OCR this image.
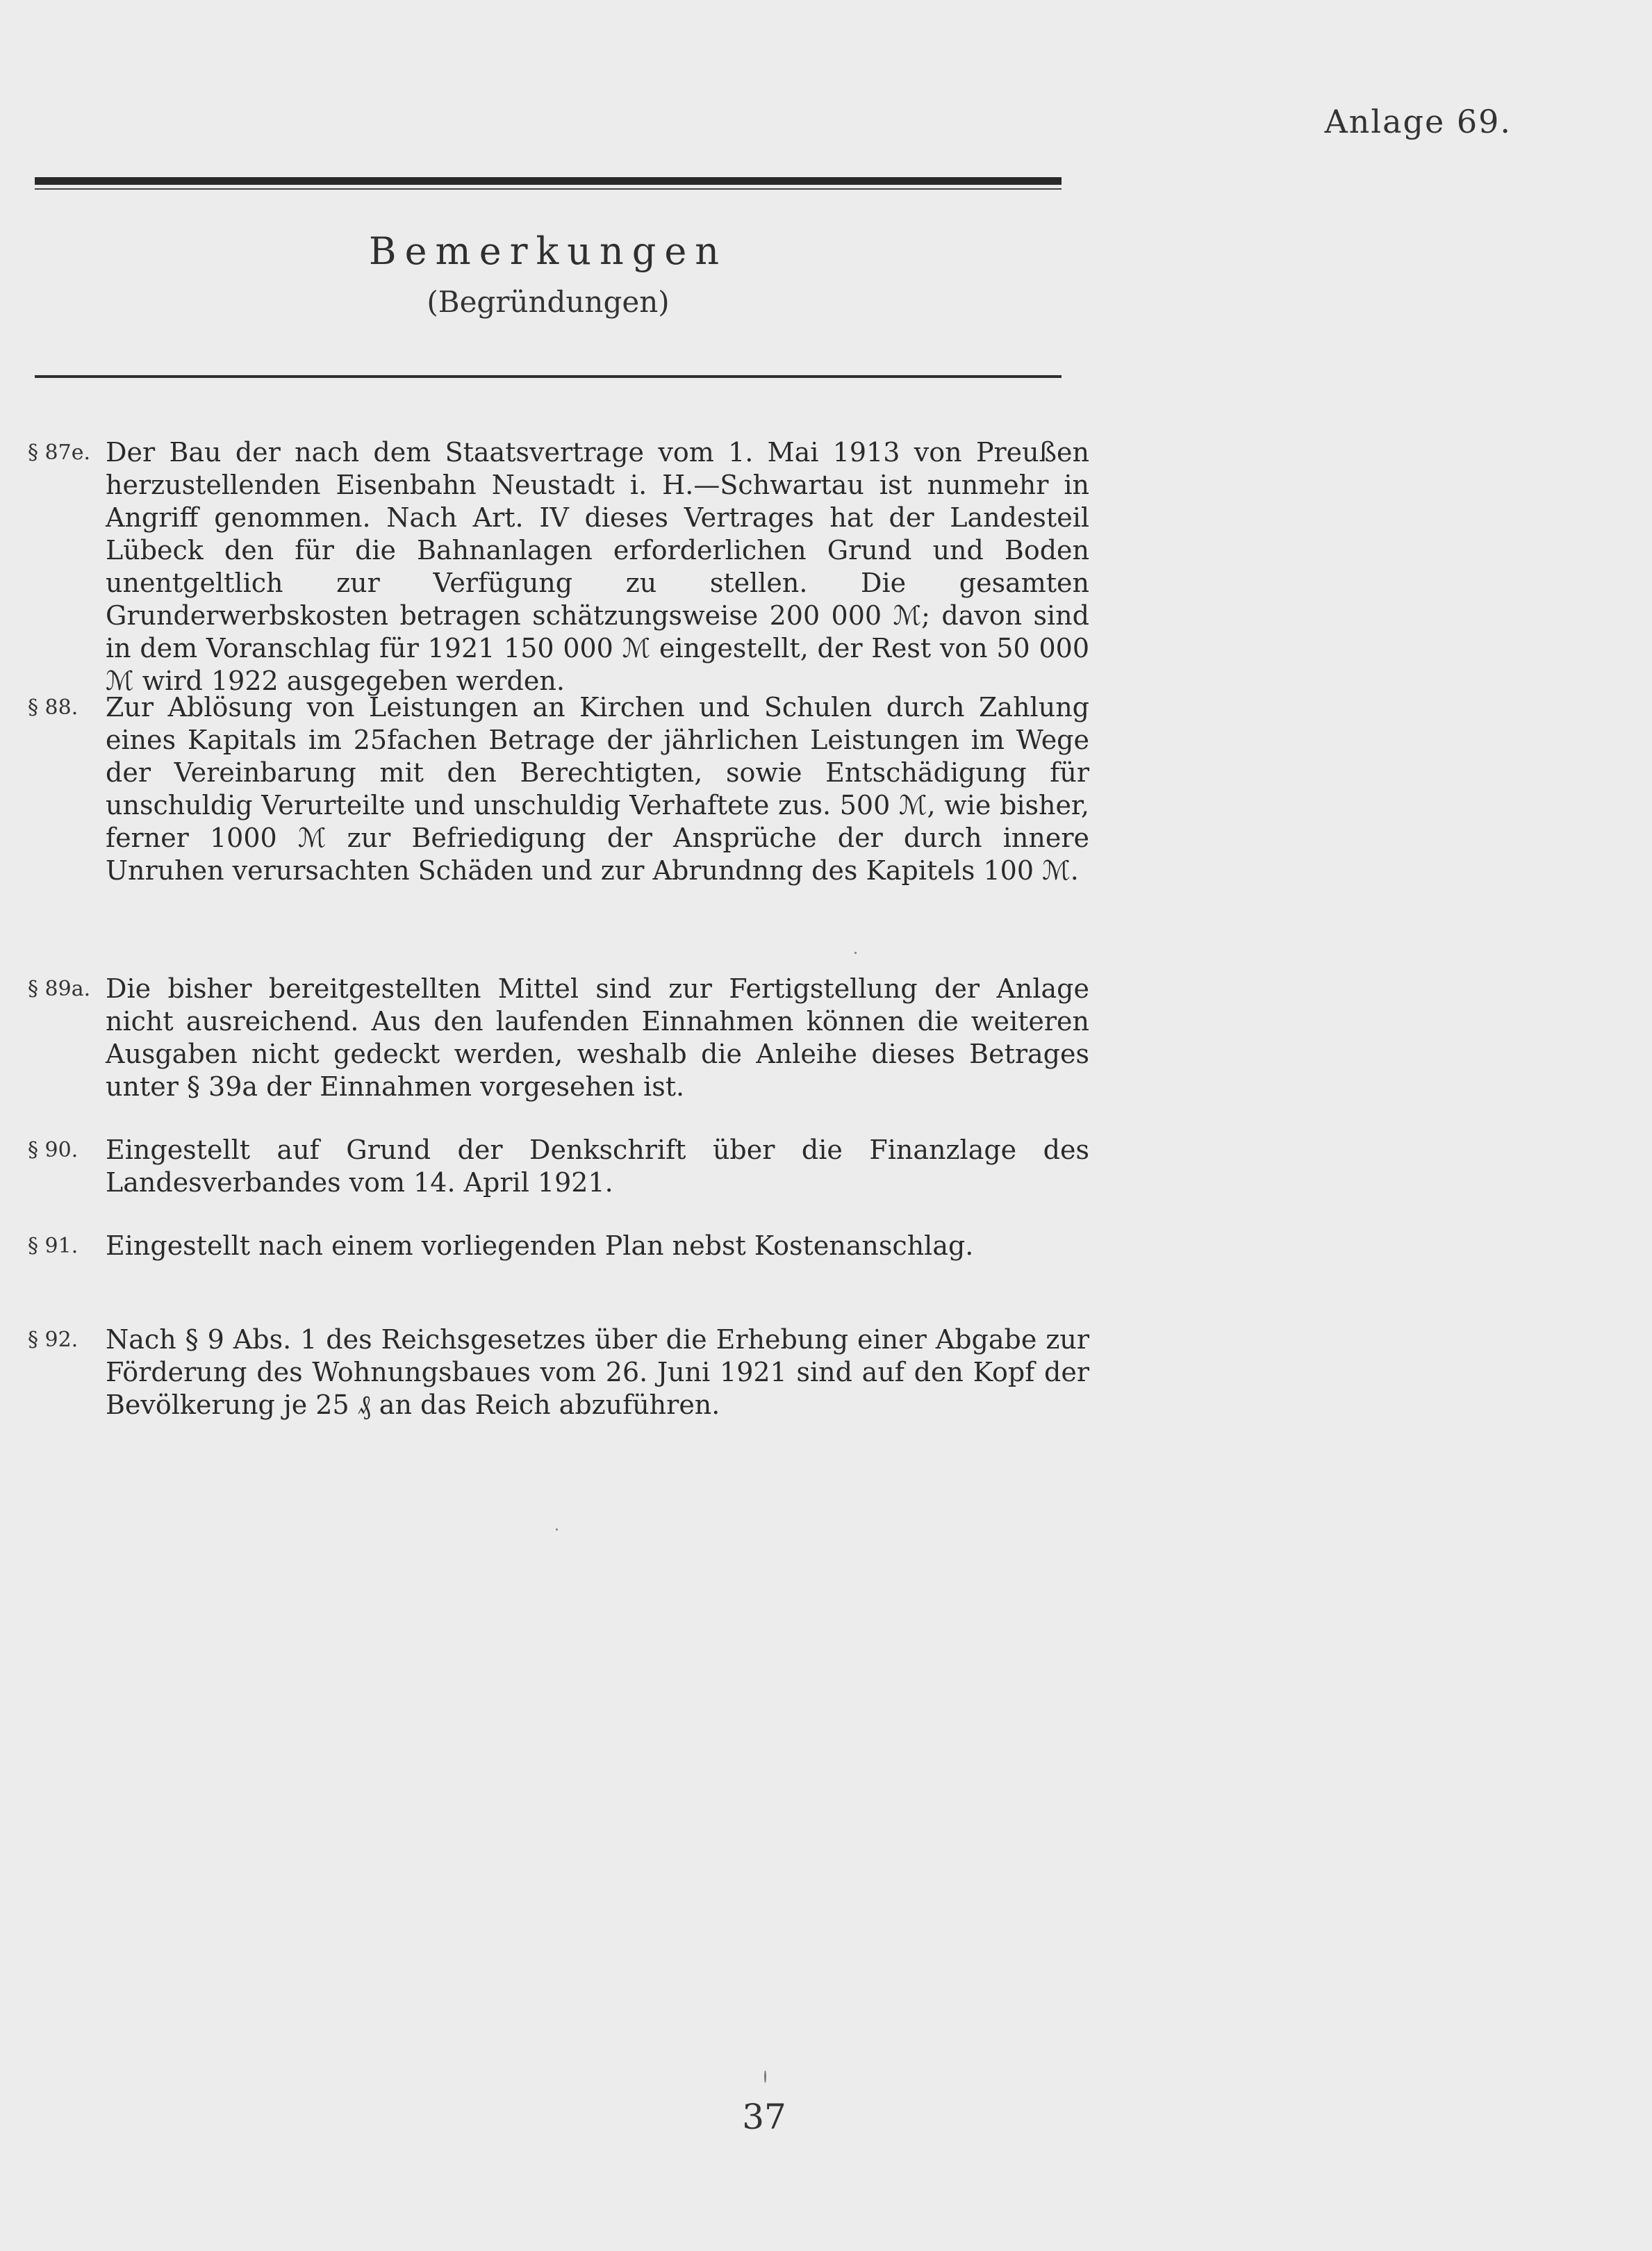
Anlage 69.
Bemerkungen
(Begründungen)
§ 87e. Der Bau der nach dem Staatsvertrage vom 1. Mai 1913 von Preußen herzustellenden Eisenbahn Neustadt i. H.—Schwartau ist nunmehr in Angriff genommen. Nach Art. IV dieses Vertrages hat der Landesteil Lübeck den für die Bahnanlagen erforderlichen Grund und Boden unentgeltlich zur Verfügung zu stellen. Die gesamten Grunderwerbskosten betragen schätzungsweise 200 000 ℳ; davon sind in dem Voranschlag für 1921 150 000 ℳ eingestellt, der Rest von 50 000 ℳ wird 1922 ausgegeben werden.
§ 88.	Zur Ablösung von Leistungen an Kirchen und Schulen durch Zahlung eines Kapitals im 25fachen Betrage der jährlichen Leistungen im Wege der Vereinbarung mit den Berechtigten, sowie Entschädigung für unschuldig Verurteilte und unschuldig Verhaftete zus. 500 ℳ, wie bisher, ferner 1000 ℳ zur Befriedigung der Ansprüche der durch innere Unruhen verursachten Schäden und zur Abrundnng des Kapitels 100 ℳ.
§ 89a. Die bisher bereitgestellten Mittel sind zur Fertigstellung der Anlage nicht ausreichend. Aus den laufenden Einnahmen können die weiteren Ausgaben nicht gedeckt werden, weshalb die Anleihe dieses Betrages unter § 39a der Einnahmen vorgesehen ist.
§ 90.	Eingestellt auf Grund der Denkschrift über die Finanzlage des Landesverbandes vom 14. April 1921.
§ 91.	Eingestellt nach einem vorliegenden Plan nebst Kostenanschlag.
§ 92.	Nach § 9 Abs. 1 des Reichsgesetzes über die Erhebung einer Abgabe zur Förderung des Wohnungsbaues vom 26. Juni 1921 sind auf den Kopf der Bevölkerung je 25 ₰ an das Reich abzuführen.
37
